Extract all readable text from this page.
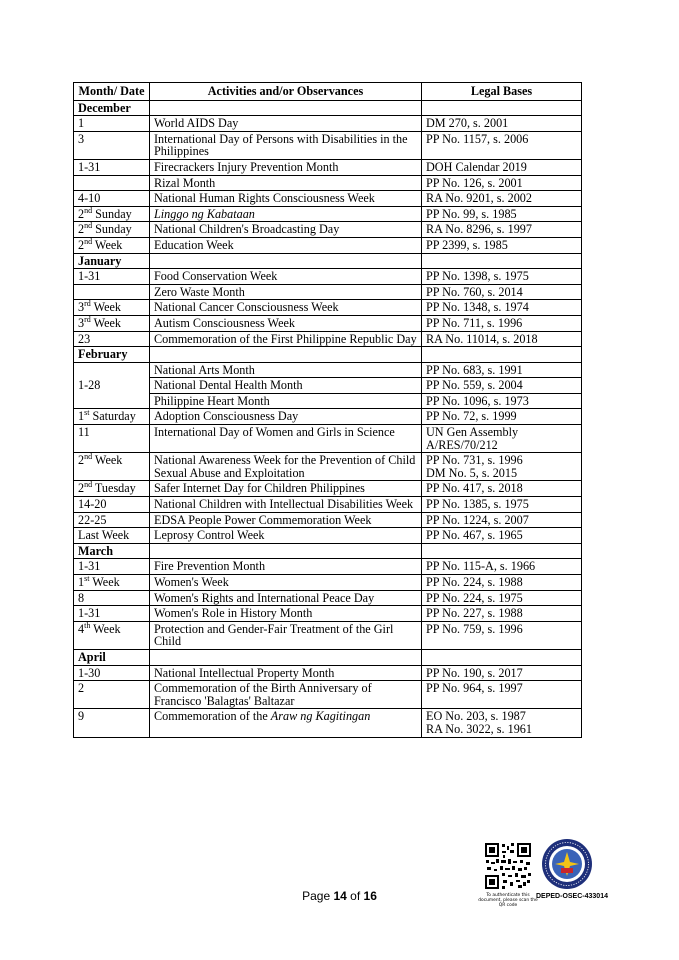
Month/ Date	Activities and/or Observances	Legal Bases
December		
1	World AIDS Day	DM 270, s. 2001
3	International Day of Persons with Disabilities in the Philippines	PP No. 1157, s. 2006
1-31	Firecrackers Injury Prevention Month	DOH Calendar 2019
	Rizal Month	PP No. 126, s. 2001
4-10	National Human Rights Consciousness Week	RA No. 9201, s. 2002
2nd Sunday	Linggo ng Kabataan	PP No. 99, s. 1985
2nd Sunday	National Children's Broadcasting Day	RA No. 8296, s. 1997
2nd Week	Education Week	PP 2399, s. 1985
January		
1-31	Food Conservation Week	PP No. 1398, s. 1975
	Zero Waste Month	PP No. 760, s. 2014
3rd Week	National Cancer Consciousness Week	PP No. 1348, s. 1974
3rd Week	Autism Consciousness Week	PP No. 711, s. 1996
23	Commemoration of the First Philippine Republic Day	RA No. 11014, s. 2018
February		
1-28	National Arts Month	PP No. 683, s. 1991
	National Dental Health Month	PP No. 559, s. 2004
	Philippine Heart Month	PP No. 1096, s. 1973
1st Saturday	Adoption Consciousness Day	PP No. 72, s. 1999
11	International Day of Women and Girls in Science	UN Gen Assembly A/RES/70/212
2nd Week	National Awareness Week for the Prevention of Child Sexual Abuse and Exploitation	PP No. 731, s. 1996
DM No. 5, s. 2015

2nd Tuesday	Safer Internet Day for Children Philippines	PP No. 417, s. 2018
14-20	National Children with Intellectual Disabilities Week	PP No. 1385, s. 1975
22-25	EDSA People Power Commemoration Week	PP No. 1224, s. 2007
Last Week	Leprosy Control Week	PP No. 467, s. 1965
March		
1-31	Fire Prevention Month	PP No. 115-A, s. 1966
1st Week	Women's Week	PP No. 224, s. 1988
8	Women's Rights and International Peace Day	PP No. 224, s. 1975
1-31	Women's Role in History Month	PP No. 227, s. 1988
4th Week	Protection and Gender-Fair Treatment of the Girl Child	PP No. 759, s. 1996
April		
1-30	National Intellectual Property Month	PP No. 190, s. 2017
2	Commemoration of the Birth Anniversary of Francisco 'Balagtas' Baltazar	PP No. 964, s. 1997
9	Commemoration of the Araw ng Kagitingan	EO No. 203, s. 1987
RA No. 3022, s. 1961
Page 14 of 16	To authenticate this document, please scan the QR code
DEPED-OSEC-433014
